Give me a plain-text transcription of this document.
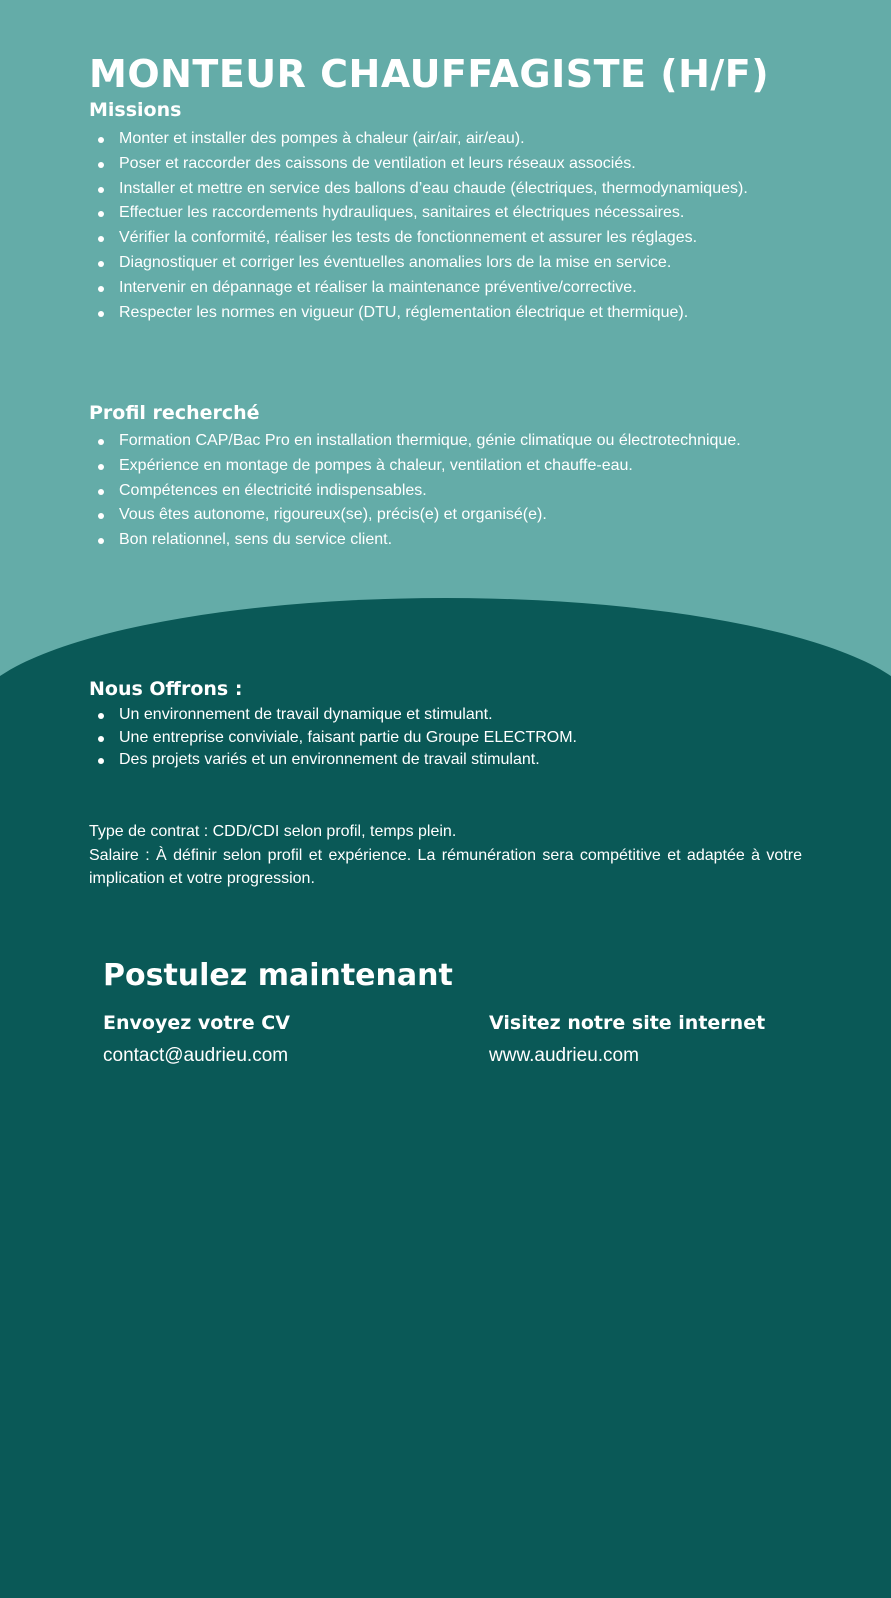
MONTEUR CHAUFFAGISTE (H/F)
Missions
Monter et installer des pompes à chaleur (air/air, air/eau).
Poser et raccorder des caissons de ventilation et leurs réseaux associés.
Installer et mettre en service des ballons d’eau chaude (électriques, thermodynamiques).
Effectuer les raccordements hydrauliques, sanitaires et électriques nécessaires.
Vérifier la conformité, réaliser les tests de fonctionnement et assurer les réglages.
Diagnostiquer et corriger les éventuelles anomalies lors de la mise en service.
Intervenir en dépannage et réaliser la maintenance préventive/corrective.
Respecter les normes en vigueur (DTU, réglementation électrique et thermique).
Profil recherché
Formation CAP/Bac Pro en installation thermique, génie climatique ou électrotechnique.
Expérience en montage de pompes à chaleur, ventilation et chauffe-eau.
Compétences en électricité indispensables.
Vous êtes autonome, rigoureux(se), précis(e) et organisé(e).
Bon relationnel, sens du service client.
Nous Offrons :
Un environnement de travail dynamique et stimulant.
Une entreprise conviviale, faisant partie du Groupe ELECTROM.
Des projets variés et un environnement de travail stimulant.

Type de contrat : CDD/CDI selon profil, temps plein.

Salaire : À définir selon profil et expérience. La rémunération sera compétitive et adaptée à votre implication et votre progression.

Postulez maintenant
Envoyez votre CV
contact@audrieu.com
Visitez notre site internet
www.audrieu.com
